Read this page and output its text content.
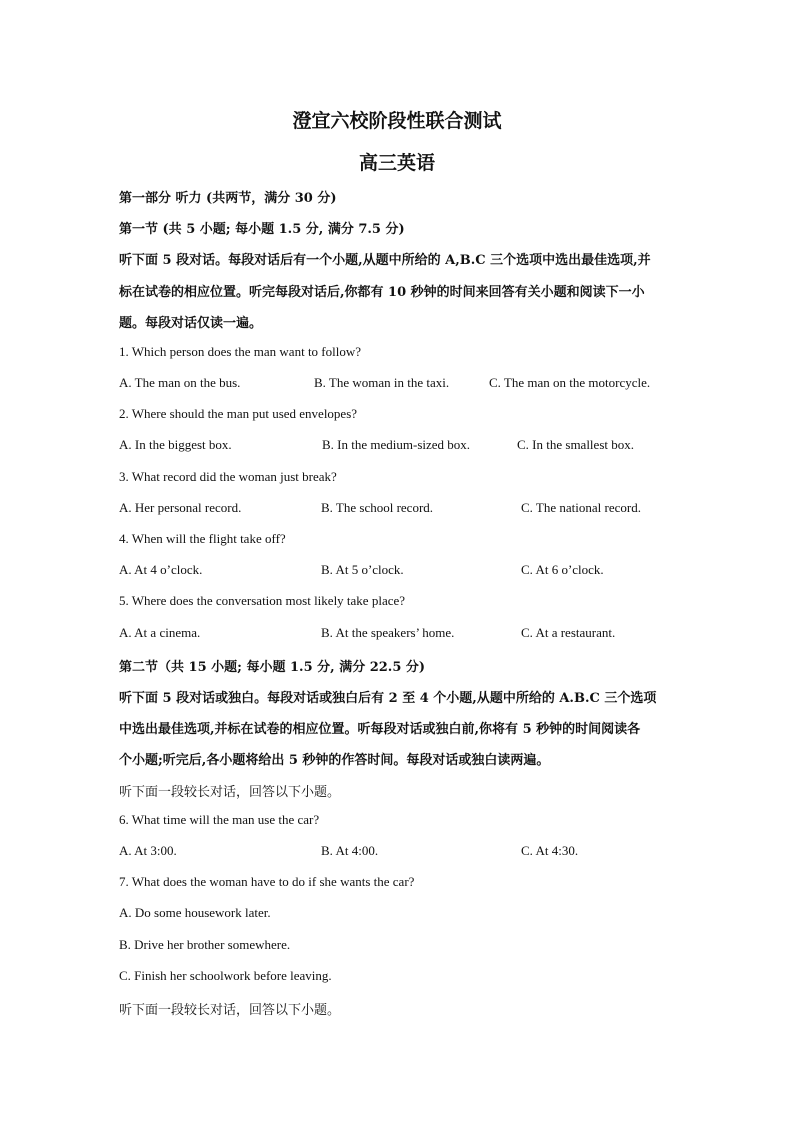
澄宜六校阶段性联合测试
高三英语
第一部分 听力 (共两节，满分 30 分)
第一节 (共 5 小题; 每小题 1.5 分, 满分 7.5 分)
听下面 5 段对话。每段对话后有一个小题,从题中所给的 A,B.C 三个选项中选出最佳选项,并
标在试卷的相应位置。听完每段对话后,你都有 10 秒钟的时间来回答有关小题和阅读下一小
题。每段对话仅读一遍。
1. Which person does the man want to follow?
A. The man on the bus.	B. The woman in the taxi.	C. The man on the motorcycle.
2. Where should the man put used envelopes?
A. In the biggest box.	B. In the medium-sized box.	C. In the smallest box.
3. What record did the woman just break?
A. Her personal record.	B. The school record.	C. The national record.
4. When will the flight take off?
A. At 4 o’clock.	B. At 5 o’clock.	C. At 6 o’clock.
5. Where does the conversation most likely take place?
A. At a cinema.	B. At the speakers’ home.	C. At a restaurant.
第二节（共 15 小题; 每小题 1.5 分, 满分 22.5 分)
听下面 5 段对话或独白。每段对话或独白后有 2 至 4 个小题,从题中所给的 A.B.C 三个选项
中选出最佳选项,并标在试卷的相应位置。听每段对话或独白前,你将有 5 秒钟的时间阅读各
个小题;听完后,各小题将给出 5 秒钟的作答时间。每段对话或独白读两遍。
听下面一段较长对话，回答以下小题。
6. What time will the man use the car?
A. At 3:00.	B. At 4:00.	C. At 4:30.
7. What does the woman have to do if she wants the car?
A. Do some housework later.
B. Drive her brother somewhere.
C. Finish her schoolwork before leaving.
听下面一段较长对话，回答以下小题。
